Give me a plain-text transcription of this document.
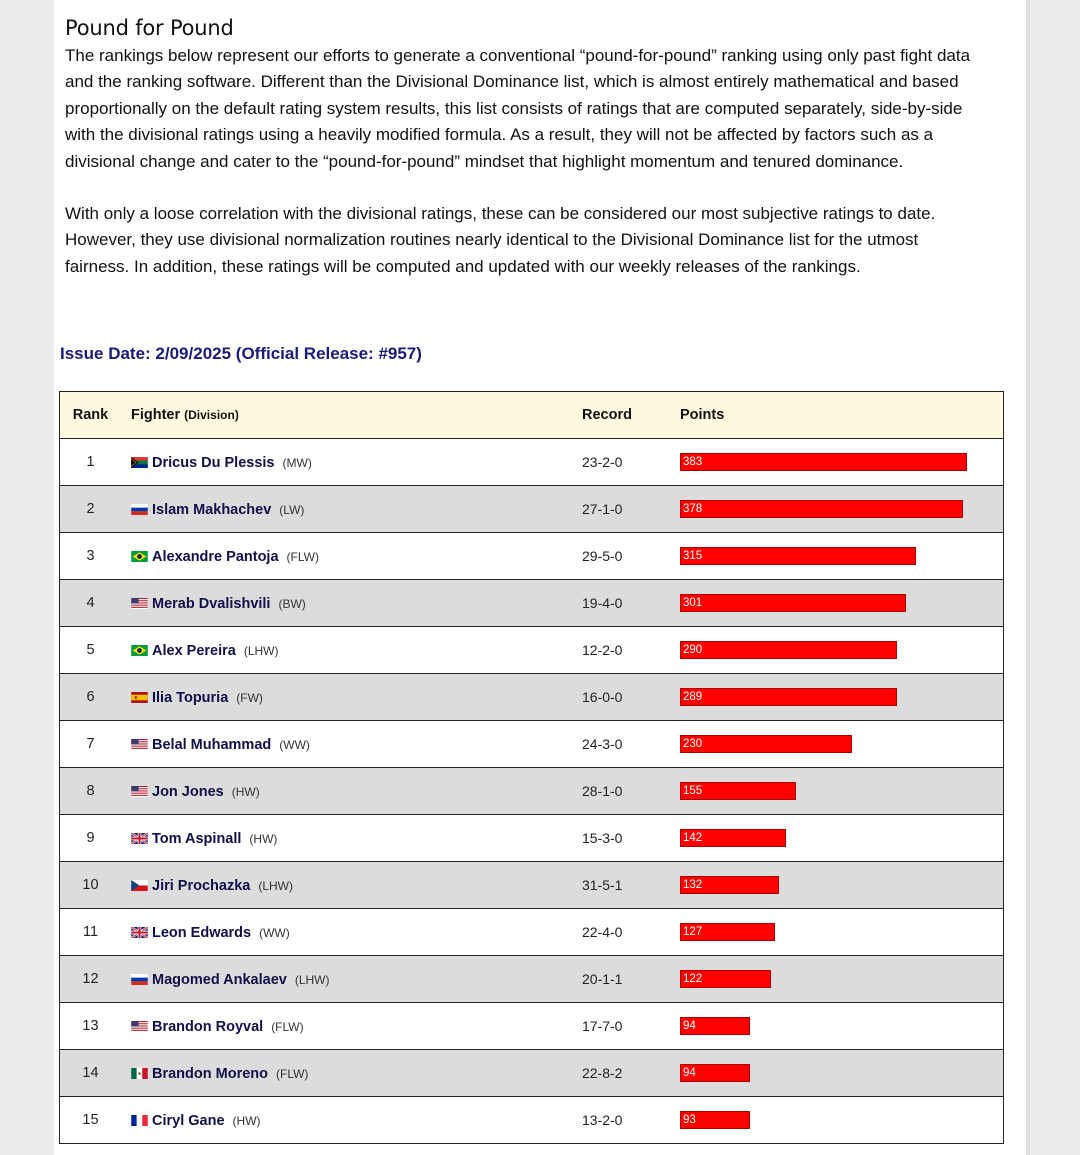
Pound for Pound

The rankings below represent our efforts to generate a conventional “pound-for-pound” ranking using only past fight data and the ranking software. Different than the Divisional Dominance list, which is almost entirely mathematical and based proportionally on the default rating system results, this list consists of ratings that are computed separately, side-by-side with the divisional ratings using a heavily modified formula. As a result, they will not be affected by factors such as a divisional change and cater to the “pound-for-pound” mindset that highlight momentum and tenured dominance.

With only a loose correlation with the divisional ratings, these can be considered our most subjective ratings to date. However, they use divisional normalization routines nearly identical to the Divisional Dominance list for the utmost fairness. In addition, these ratings will be computed and updated with our weekly releases of the rankings.

Issue Date: 2/09/2025 (Official Release: #957)
Rank	Fighter (Division)	Record	Points
1	Dricus Du Plessis (MW)	23-2-0	383
2	Islam Makhachev (LW)	27-1-0	378
3	Alexandre Pantoja (FLW)	29-5-0	315
4	Merab Dvalishvili (BW)	19-4-0	301
5	Alex Pereira (LHW)	12-2-0	290
6	Ilia Topuria (FW)	16-0-0	289
7	Belal Muhammad (WW)	24-3-0	230
8	Jon Jones (HW)	28-1-0	155
9	Tom Aspinall (HW)	15-3-0	142
10	Jiri Prochazka (LHW)	31-5-1	132
11	Leon Edwards (WW)	22-4-0	127
12	Magomed Ankalaev (LHW)	20-1-1	122
13	Brandon Royval (FLW)	17-7-0	94
14	Brandon Moreno (FLW)	22-8-2	94
15	Ciryl Gane (HW)	13-2-0	93
